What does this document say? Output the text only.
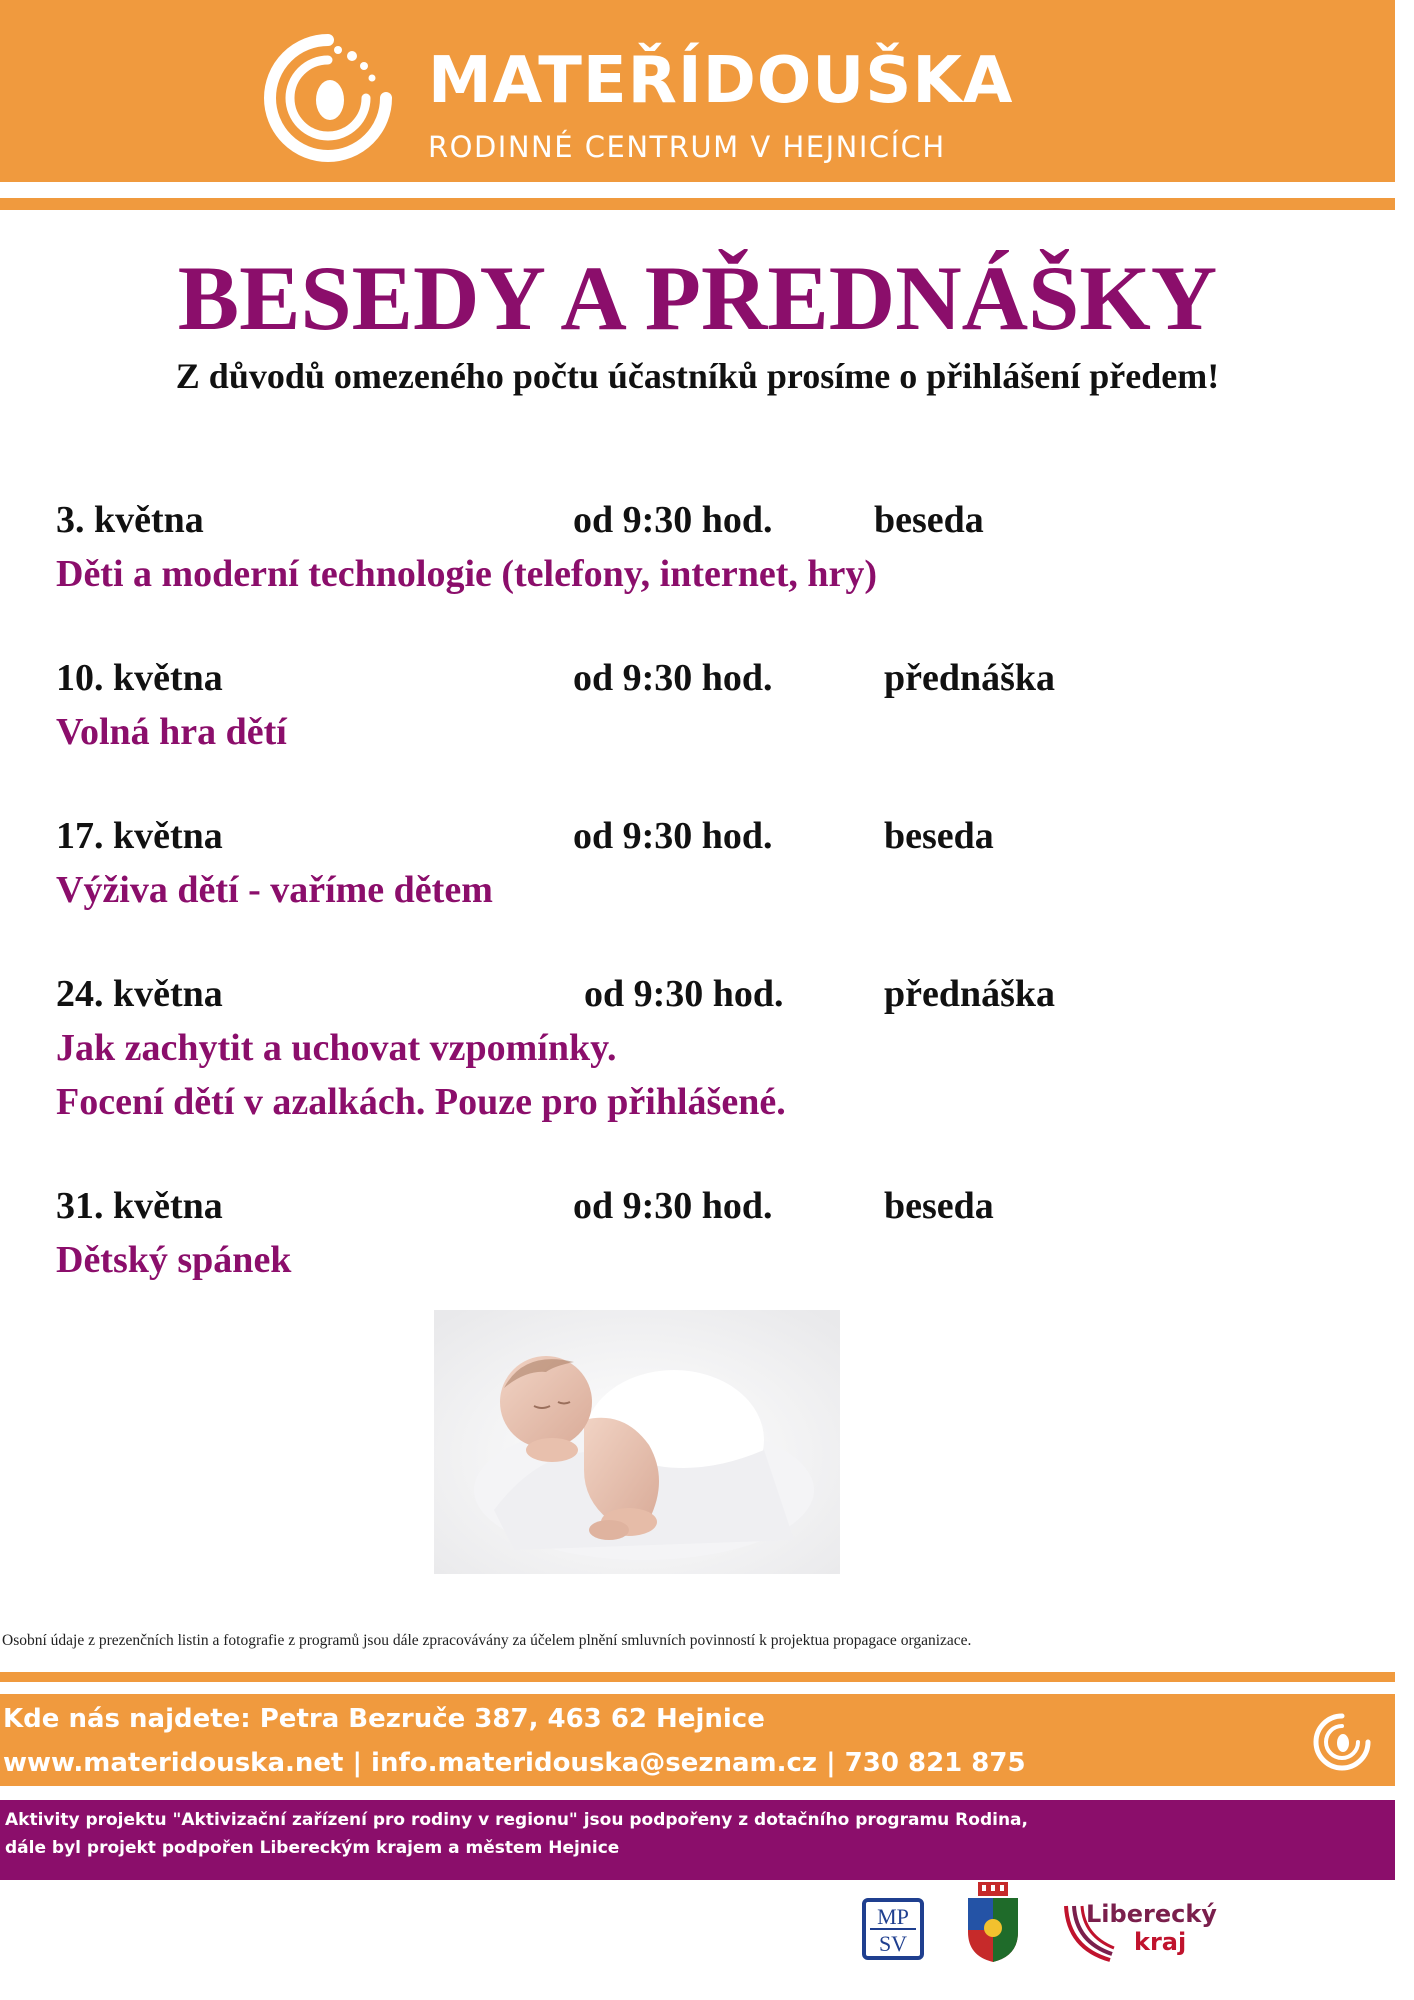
MATEŘÍDOUŠKA
RODINNÉ CENTRUM V HEJNICÍCH
BESEDY A PŘEDNÁŠKY
Z důvodů omezeného počtu účastníků prosíme o přihlášení předem!
3. května	od 9:30 hod.	beseda
Děti a moderní technologie (telefony, internet, hry)
10. května	od 9:30 hod.	přednáška
Volná hra dětí
17. května	od 9:30 hod.	beseda
Výživa dětí - vaříme dětem
24. května	od 9:30 hod.	přednáška
Jak zachytit a uchovat vzpomínky.
Focení dětí v azalkách. Pouze pro přihlášené.
31. května	od 9:30 hod.	beseda
Dětský spánek
Osobní údaje z prezenčních listin a fotografie z programů jsou dále zpracovávány za účelem plnění smluvních povinností k projektua propagace organizace.
Kde nás najdete: Petra Bezruče 387, 463 62 Hejnice
www.materidouska.net | info.materidouska@seznam.cz | 730 821 875
Aktivity projektu "Aktivizační zařízení pro rodiny v regionu" jsou podpořeny z dotačního programu Rodina,
dále byl projekt podpořen Libereckým krajem a městem Hejnice
MP
SV
Liberecký
kraj
